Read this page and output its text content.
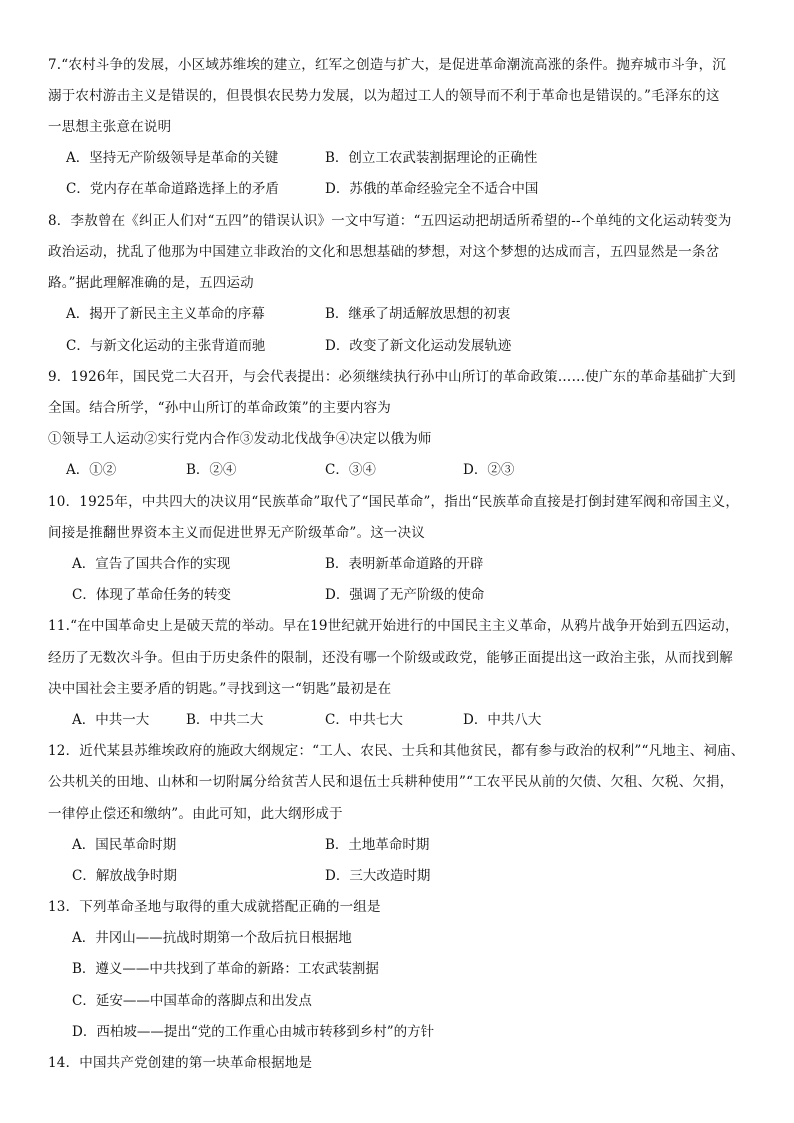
7.“农村斗争的发展，小区域苏维埃的建立，红军之创造与扩大，是促进革命潮流高涨的条件。抛弃城市斗争，沉
溺于农村游击主义是错误的，但畏惧农民势力发展，以为超过工人的领导而不利于革命也是错误的。”毛泽东的这
一思想主张意在说明
A．坚持无产阶级领导是革命的关键	B．创立工农武装割据理论的正确性
C．党内存在革命道路选择上的矛盾	D．苏俄的革命经验完全不适合中国
8．李敖曾在《纠正人们对“五四”的错误认识》一文中写道：“五四运动把胡适所希望的--个单纯的文化运动转变为
政治运动，扰乱了他那为中国建立非政治的文化和思想基础的梦想，对这个梦想的达成而言，五四显然是一条岔
路。”据此理解准确的是，五四运动
A．揭开了新民主主义革命的序幕	B．继承了胡适解放思想的初衷
C．与新文化运动的主张背道而驰	D．改变了新文化运动发展轨迹
9．1926年，国民党二大召开，与会代表提出：必须继续执行孙中山所订的革命政策……使广东的革命基础扩大到
全国。结合所学，“孙中山所订的革命政策”的主要内容为
①领导工人运动②实行党内合作③发动北伐战争④决定以俄为师
A．①②	B．②④	C．③④	D．②③
10．1925年，中共四大的决议用“民族革命”取代了“国民革命”，指出“民族革命直接是打倒封建军阀和帝国主义，
间接是推翻世界资本主义而促进世界无产阶级革命”。这一决议
A．宣告了国共合作的实现	B．表明新革命道路的开辟
C．体现了革命任务的转变	D．强调了无产阶级的使命
11.“在中国革命史上是破天荒的举动。早在19世纪就开始进行的中国民主主义革命，从鸦片战争开始到五四运动，
经历了无数次斗争。但由于历史条件的限制，还没有哪一个阶级或政党，能够正面提出这一政治主张，从而找到解
决中国社会主要矛盾的钥匙。”寻找到这一“钥匙”最初是在
A．中共一大	B．中共二大	C．中共七大	D．中共八大
12．近代某县苏维埃政府的施政大纲规定：“工人、农民、士兵和其他贫民，都有参与政治的权利”“凡地主、祠庙、
公共机关的田地、山林和一切附属分给贫苦人民和退伍士兵耕种使用”“工农平民从前的欠债、欠租、欠税、欠捐，
一律停止偿还和缴纳”。由此可知，此大纲形成于
A．国民革命时期	B．土地革命时期
C．解放战争时期	D．三大改造时期
13．下列革命圣地与取得的重大成就搭配正确的一组是
A．井冈山——抗战时期第一个敌后抗日根据地
B．遵义——中共找到了革命的新路：工农武装割据
C．延安——中国革命的落脚点和出发点
D．西柏坡——提出“党的工作重心由城市转移到乡村”的方针
14．中国共产党创建的第一块革命根据地是
